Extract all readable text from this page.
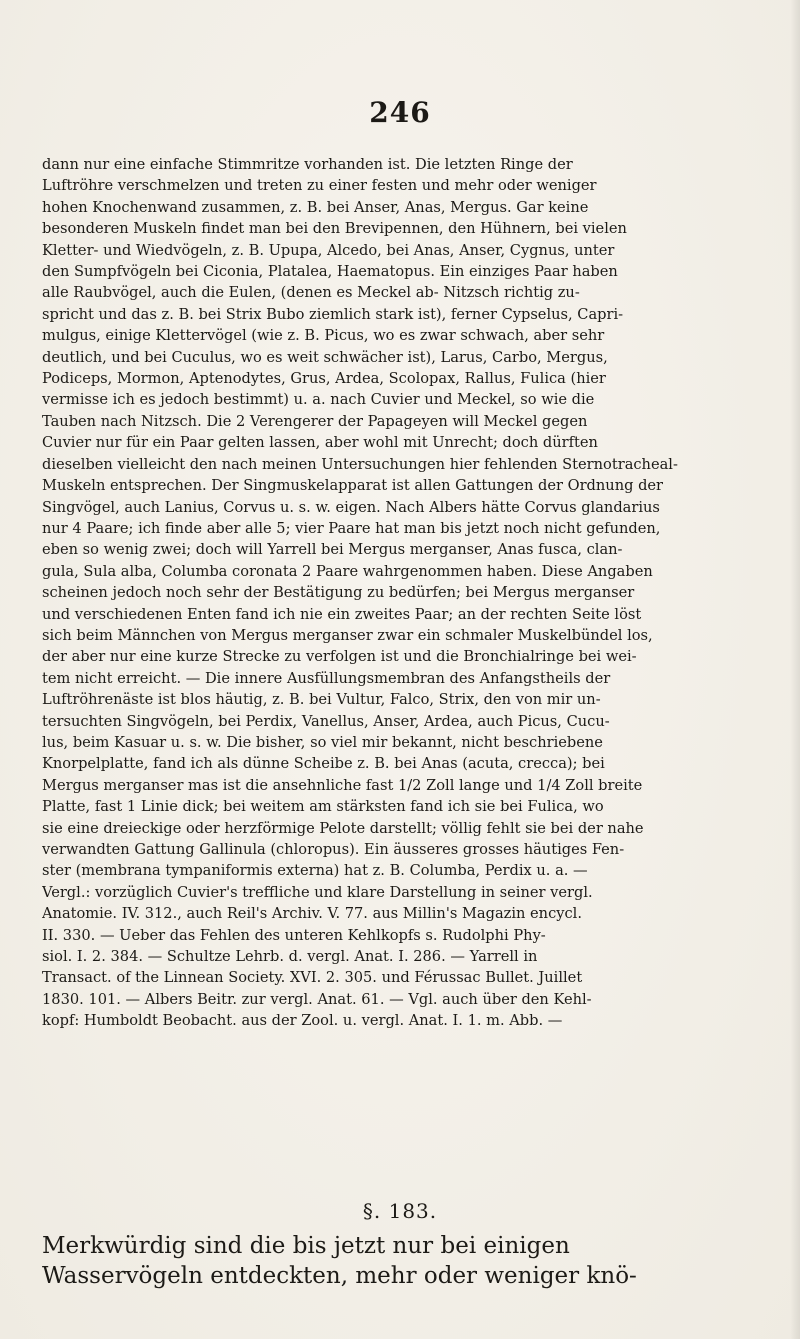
246
dann nur eine einfache Stimmritze vorhanden ist. Die letzten Ringe der
Luftröhre verschmelzen und treten zu einer festen und mehr oder weniger
hohen Knochenwand zusammen, z. B. bei Anser, Anas, Mergus. Gar keine
besonderen Muskeln findet man bei den Brevipennen, den Hühnern, bei vielen
Kletter- und Wiedvögeln, z. B. Upupa, Alcedo, bei Anas, Anser, Cygnus, unter
den Sumpfvögeln bei Ciconia, Platalea, Haematopus. Ein einziges Paar haben
alle Raubvögel, auch die Eulen, (denen es Meckel ab- Nitzsch richtig zu-
spricht und das z. B. bei Strix Bubo ziemlich stark ist), ferner Cypselus, Capri-
mulgus, einige Klettervögel (wie z. B. Picus, wo es zwar schwach, aber sehr
deutlich, und bei Cuculus, wo es weit schwächer ist), Larus, Carbo, Mergus,
Podiceps, Mormon, Aptenodytes, Grus, Ardea, Scolopax, Rallus, Fulica (hier
vermisse ich es jedoch bestimmt) u. a. nach Cuvier und Meckel, so wie die
Tauben nach Nitzsch. Die 2 Verengerer der Papageyen will Meckel gegen
Cuvier nur für ein Paar gelten lassen, aber wohl mit Unrecht; doch dürften
dieselben vielleicht den nach meinen Untersuchungen hier fehlenden Sternotracheal-
Muskeln entsprechen. Der Singmuskelapparat ist allen Gattungen der Ordnung der
Singvögel, auch Lanius, Corvus u. s. w. eigen. Nach Albers hätte Corvus glandarius
nur 4 Paare; ich finde aber alle 5; vier Paare hat man bis jetzt noch nicht gefunden,
eben so wenig zwei; doch will Yarrell bei Mergus merganser, Anas fusca, clan-
gula, Sula alba, Columba coronata 2 Paare wahrgenommen haben. Diese Angaben
scheinen jedoch noch sehr der Bestätigung zu bedürfen; bei Mergus merganser
und verschiedenen Enten fand ich nie ein zweites Paar; an der rechten Seite löst
sich beim Männchen von Mergus merganser zwar ein schmaler Muskelbündel los,
der aber nur eine kurze Strecke zu verfolgen ist und die Bronchialringe bei wei-
tem nicht erreicht. — Die innere Ausfüllungsmembran des Anfangstheils der
Luftröhrenäste ist blos häutig, z. B. bei Vultur, Falco, Strix, den von mir un-
tersuchten Singvögeln, bei Perdix, Vanellus, Anser, Ardea, auch Picus, Cucu-
lus, beim Kasuar u. s. w. Die bisher, so viel mir bekannt, nicht beschriebene
Knorpelplatte, fand ich als dünne Scheibe z. B. bei Anas (acuta, crecca); bei
Mergus merganser mas ist die ansehnliche fast 1/2 Zoll lange und 1/4 Zoll breite
Platte, fast 1 Linie dick; bei weitem am stärksten fand ich sie bei Fulica, wo
sie eine dreieckige oder herzförmige Pelote darstellt; völlig fehlt sie bei der nahe
verwandten Gattung Gallinula (chloropus). Ein äusseres grosses häutiges Fen-
ster (membrana tympaniformis externa) hat z. B. Columba, Perdix u. a. —
Vergl.: vorzüglich Cuvier's treffliche und klare Darstellung in seiner vergl.
Anatomie. IV. 312., auch Reil's Archiv. V. 77. aus Millin's Magazin encycl.
II. 330. — Ueber das Fehlen des unteren Kehlkopfs s. Rudolphi Phy-
siol. I. 2. 384. — Schultze Lehrb. d. vergl. Anat. I. 286. — Yarrell in
Transact. of the Linnean Society. XVI. 2. 305. und Férussac Bullet. Juillet
1830. 101. — Albers Beitr. zur vergl. Anat. 61. — Vgl. auch über den Kehl-
kopf: Humboldt Beobacht. aus der Zool. u. vergl. Anat. I. 1. m. Abb. —
§. 183.
Merkwürdig sind die bis jetzt nur bei einigen
Wasservögeln entdeckten, mehr oder weniger knö-
